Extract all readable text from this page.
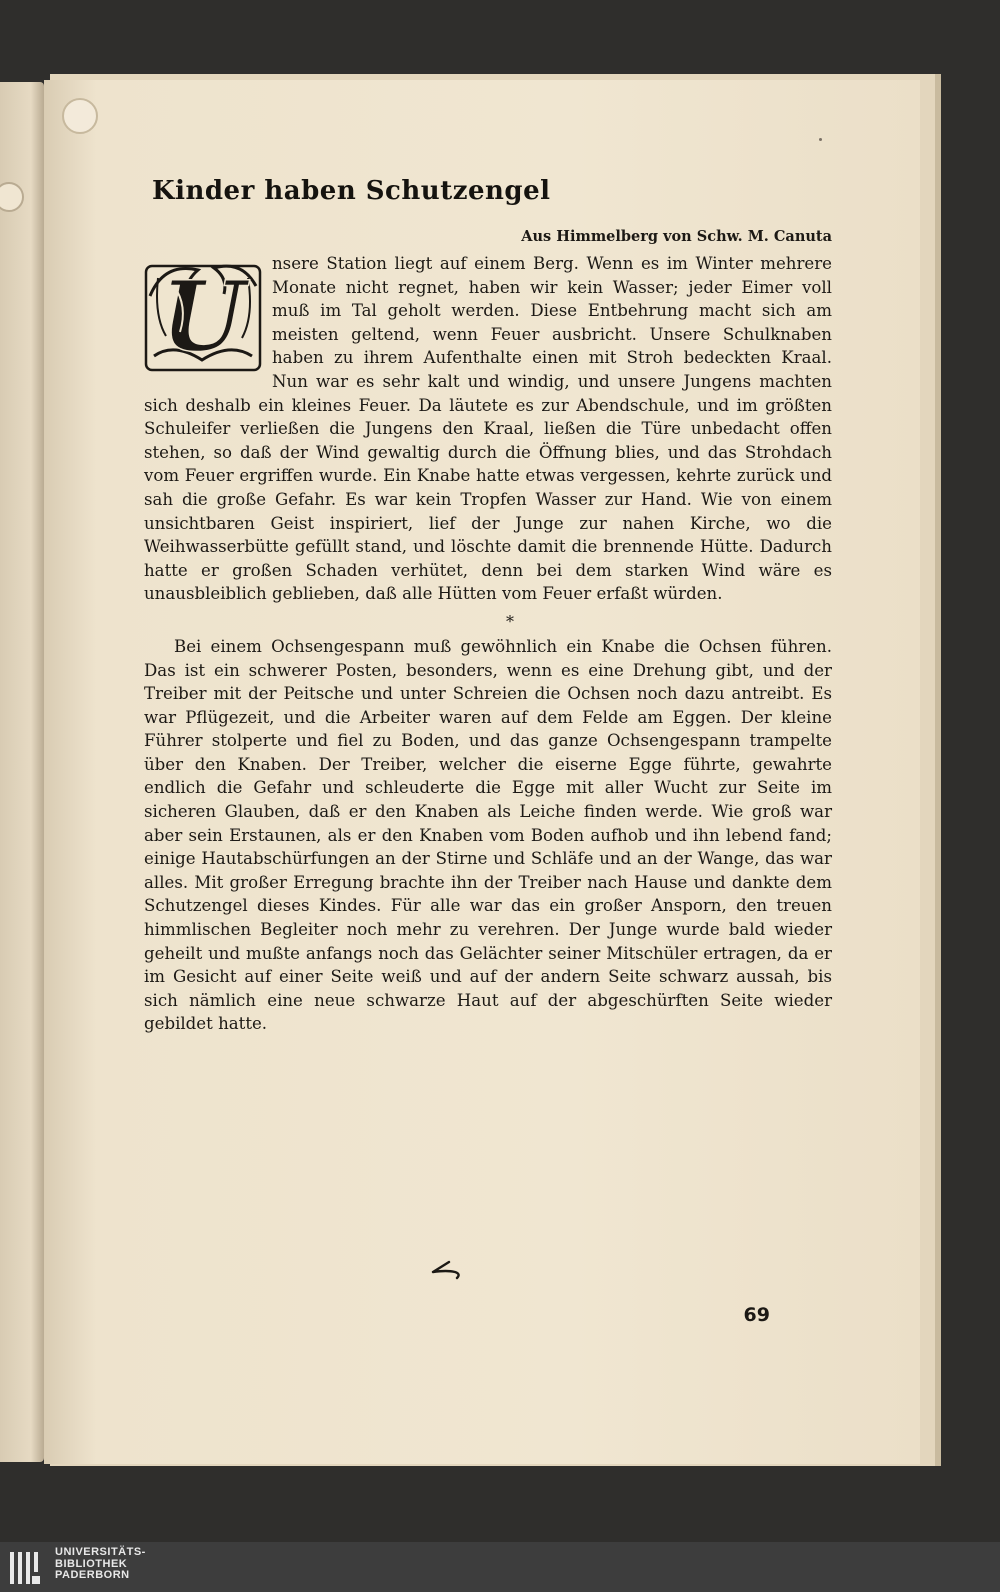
Kinder haben Schutzengel
Aus Himmelberg von Schw. M. Canuta
U	nsere Station liegt auf einem Berg. Wenn es im Winter mehrere Monate nicht regnet, haben wir kein Wasser; jeder Eimer voll muß im Tal geholt werden. Diese Entbehrung macht sich am meisten geltend, wenn Feuer ausbricht. Unsere Schulknaben haben zu ihrem Aufenthalte einen mit Stroh bedeckten Kraal. Nun war es sehr kalt und windig, und unsere Jungens machten sich deshalb ein kleines Feuer. Da läutete es zur Abendschule, und im größten Schuleifer verließen die Jungens den Kraal, ließen die Türe unbedacht offen stehen, so daß der Wind gewaltig durch die Öffnung blies, und das Strohdach vom Feuer ergriffen wurde. Ein Knabe hatte etwas vergessen, kehrte zurück und sah die große Gefahr. Es war kein Tropfen Wasser zur Hand. Wie von einem unsichtbaren Geist inspiriert, lief der Junge zur nahen Kirche, wo die Weihwasserbütte gefüllt stand, und löschte damit die brennende Hütte. Dadurch hatte er großen Schaden verhütet, denn bei dem starken Wind wäre es unausbleiblich geblieben, daß alle Hütten vom Feuer erfaßt würden.

*

Bei einem Ochsengespann muß gewöhnlich ein Knabe die Ochsen führen. Das ist ein schwerer Posten, besonders, wenn es eine Drehung gibt, und der Treiber mit der Peitsche und unter Schreien die Ochsen noch dazu antreibt. Es war Pflügezeit, und die Arbeiter waren auf dem Felde am Eggen. Der kleine Führer stolperte und fiel zu Boden, und das ganze Ochsengespann trampelte über den Knaben. Der Treiber, welcher die eiserne Egge führte, gewahrte endlich die Gefahr und schleuderte die Egge mit aller Wucht zur Seite im sicheren Glauben, daß er den Knaben als Leiche finden werde. Wie groß war aber sein Erstaunen, als er den Knaben vom Boden aufhob und ihn lebend fand; einige Hautabschürfungen an der Stirne und Schläfe und an der Wange, das war alles. Mit großer Erregung brachte ihn der Treiber nach Hause und dankte dem Schutzengel dieses Kindes. Für alle war das ein großer Ansporn, den treuen himmlischen Begleiter noch mehr zu verehren. Der Junge wurde bald wieder geheilt und mußte anfangs noch das Gelächter seiner Mitschüler ertragen, da er im Gesicht auf einer Seite weiß und auf der andern Seite schwarz aussah, bis sich nämlich eine neue schwarze Haut auf der abgeschürften Seite wieder gebildet hatte.

69
UNIVERSITÄTS-
BIBLIOTHEK
PADERBORN
